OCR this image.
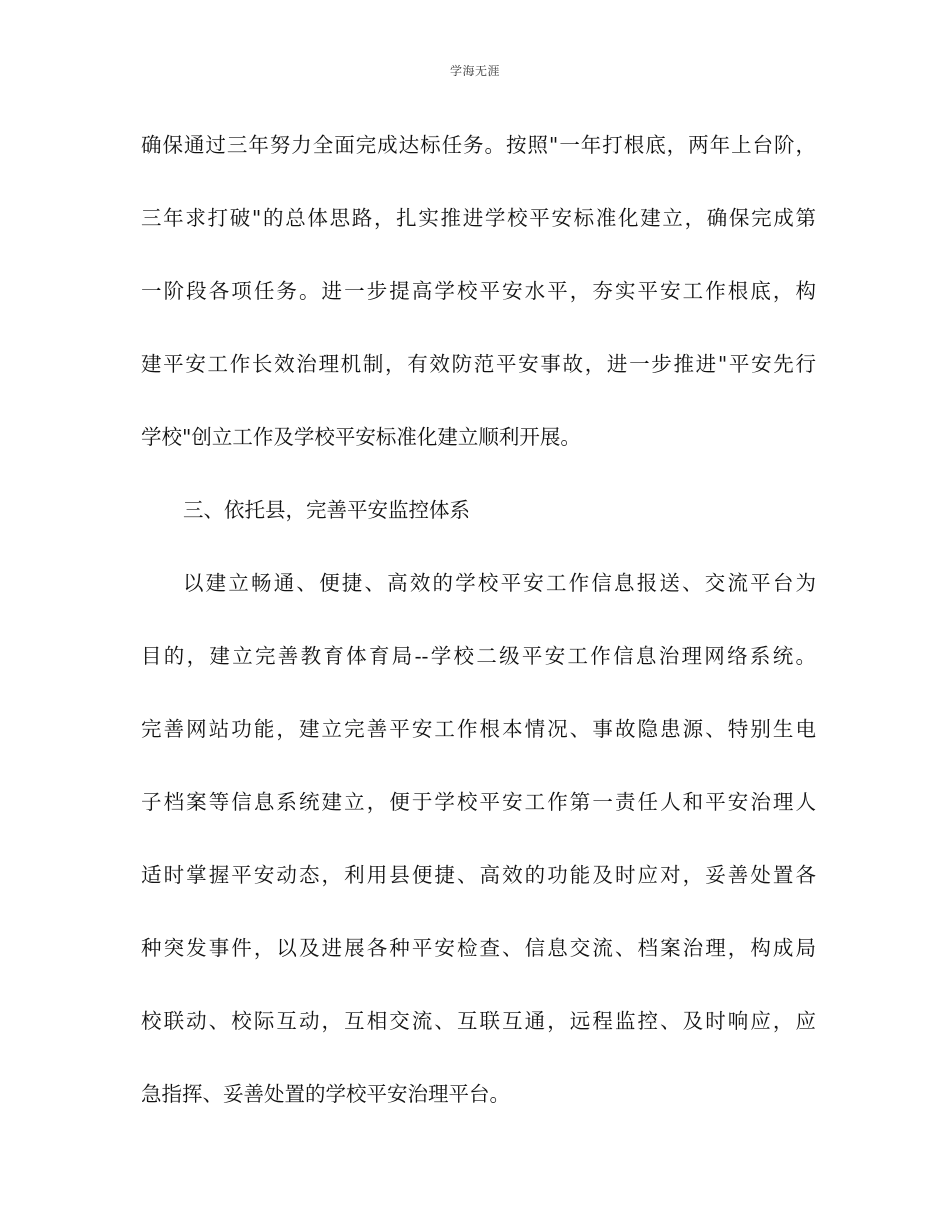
学海无涯
确保通过三年努力全面完成达标任务。按照"一年打根底，两年上台阶，
三年求打破"的总体思路，扎实推进学校平安标准化建立，确保完成第
一阶段各项任务。进一步提高学校平安水平，夯实平安工作根底，构
建平安工作长效治理机制，有效防范平安事故，进一步推进"平安先行
学校"创立工作及学校平安标准化建立顺利开展。
三、依托县，完善平安监控体系
以建立畅通、便捷、高效的学校平安工作信息报送、交流平台为
目的，建立完善教育体育局--学校二级平安工作信息治理网络系统。
完善网站功能，建立完善平安工作根本情况、事故隐患源、特别生电
子档案等信息系统建立，便于学校平安工作第一责任人和平安治理人
适时掌握平安动态，利用县便捷、高效的功能及时应对，妥善处置各
种突发事件，以及进展各种平安检查、信息交流、档案治理，构成局
校联动、校际互动，互相交流、互联互通，远程监控、及时响应，应
急指挥、妥善处置的学校平安治理平台。
